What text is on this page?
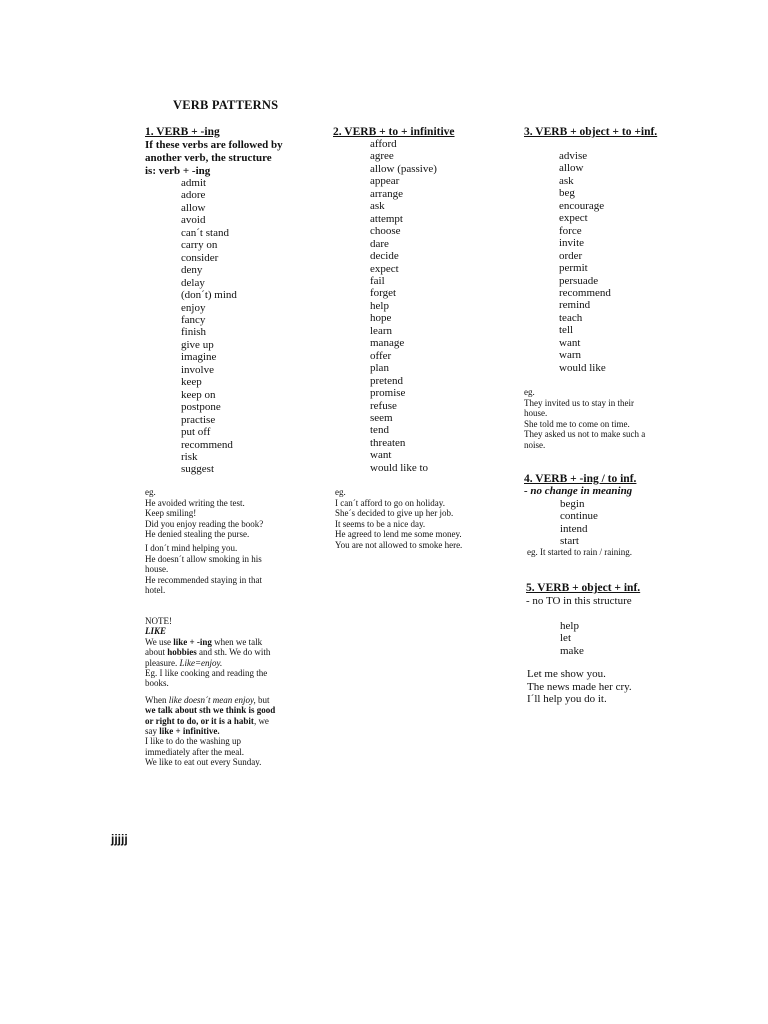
VERB PATTERNS
1. VERB + -ing
If these verbs are followed by
another verb, the structure
is: verb + -ing
admit
adore
allow
avoid
can´t stand
carry on
consider
deny
delay
(don´t) mind
enjoy
fancy
finish
give up
imagine
involve
keep
keep on
postpone
practise
put off
recommend
risk
suggest
eg.
He avoided writing the test.
Keep smiling!
Did you enjoy reading the book?
He denied stealing the purse.
I don´t mind helping you.
He doesn´t allow smoking in his
house.
He recommended staying in that
hotel.
NOTE!
LIKE
We use like + -ing when we talk
about hobbies and sth. We do with
pleasure. Like=enjoy.
Eg. I like cooking and reading the
books.
When like doesn´t mean enjoy, but
we talk about sth we think is good
or right to do, or it is a habit, we
say like + infinitive.
I like to do the washing up
immediately after the meal.
We like to eat out every Sunday.
2. VERB + to + infinitive
afford
agree
allow (passive)
appear
arrange
ask
attempt
choose
dare
decide
expect
fail
forget
help
hope
learn
manage
offer
plan
pretend
promise
refuse
seem
tend
threaten
want
would like to
eg.
I can´t afford to go on holiday.
She´s decided to give up her job.
It seems to be a nice day.
He agreed to lend me some money.
You are not allowed to smoke here.
3. VERB + object + to +inf.
advise
allow
ask
beg
encourage
expect
force
invite
order
permit
persuade
recommend
remind
teach
tell
want
warn
would like
eg.
They invited us to stay in their
house.
She told me to come on time.
They asked us not to make such a
noise.
4. VERB + -ing / to inf.
- no change in meaning
begin
continue
intend
start
eg. It started to rain / raining.
5. VERB + object + inf.
- no TO in this structure
help
let
make
Let me show you.
The news made her cry.
I´ll help you do it.
jjjjj
